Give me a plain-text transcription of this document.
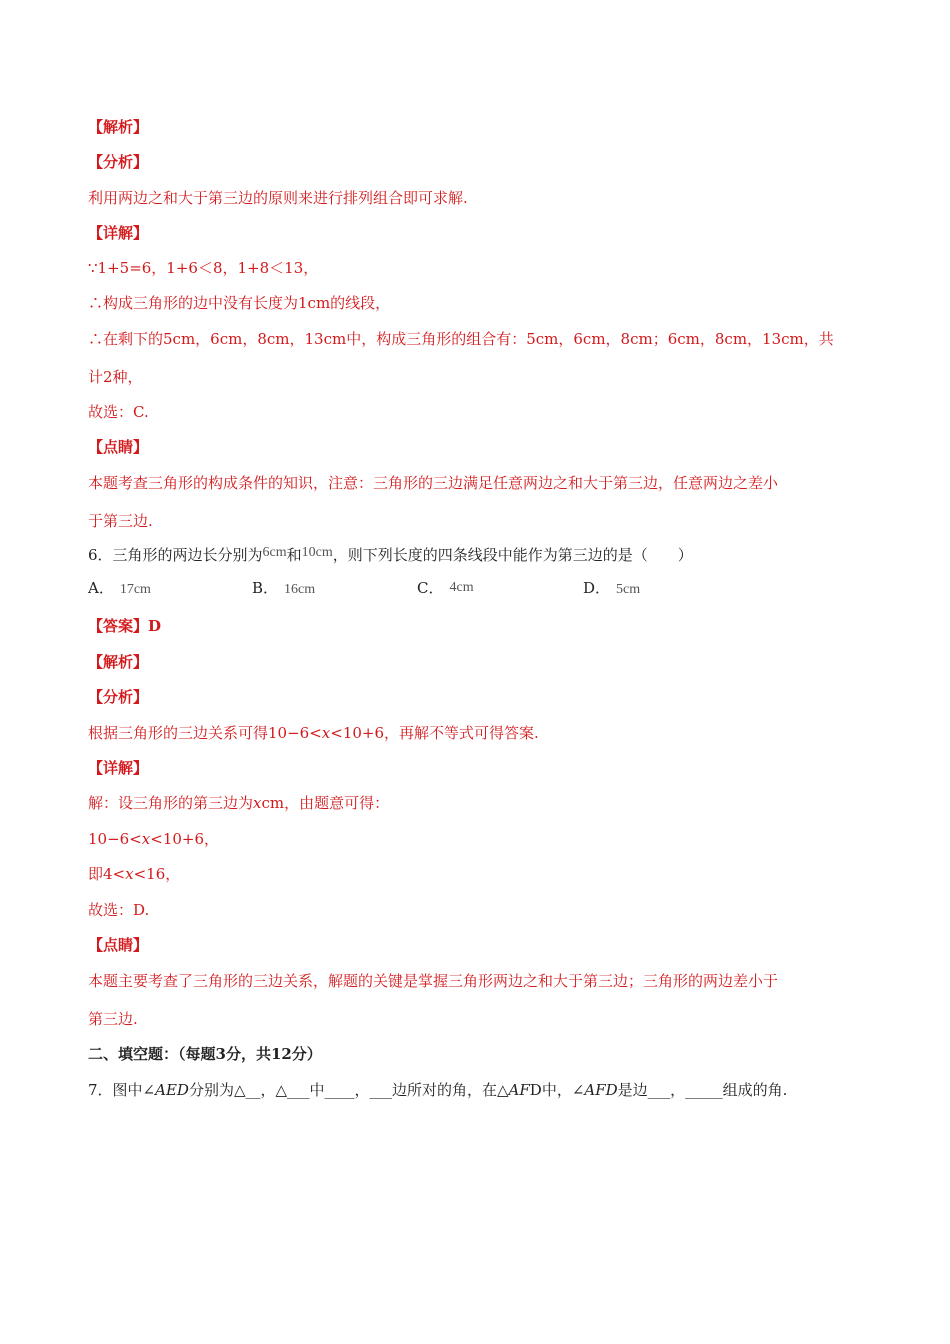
【解析】
【分析】
利用两边之和大于第三边的原则来进行排列组合即可求解.
【详解】
∵1+5=6，1+6＜8，1+8＜13，
∴构成三角形的边中没有长度为1cm的线段，
∴在剩下的5cm，6cm，8cm，13cm中，构成三角形的组合有：5cm，6cm，8cm；6cm，8cm，13cm，共
计2种，
故选：C.
【点睛】
本题考查三角形的构成条件的知识，注意：三角形的三边满足任意两边之和大于第三边，任意两边之差小
于第三边.
6．三角形的两边长分别为6cm和10cm，则下列长度的四条线段中能作为第三边的是（　　）
A． 17cm	B． 16cm	C． 4cm	D． 5cm
【答案】D
【解析】
【分析】
根据三角形的三边关系可得10−6<x<10+6，再解不等式可得答案.
【详解】
解：设三角形的第三边为xcm，由题意可得：
10−6<x<10+6，
即4<x<16，
故选：D.
【点睛】
本题主要考查了三角形的三边关系，解题的关键是掌握三角形两边之和大于第三边；三角形的两边差小于
第三边.
二、填空题：（每题3分，共12分）
7．图中∠AED分别为△__，△___中____，___边所对的角，在△AFD中，∠AFD是边___，_____组成的角.
